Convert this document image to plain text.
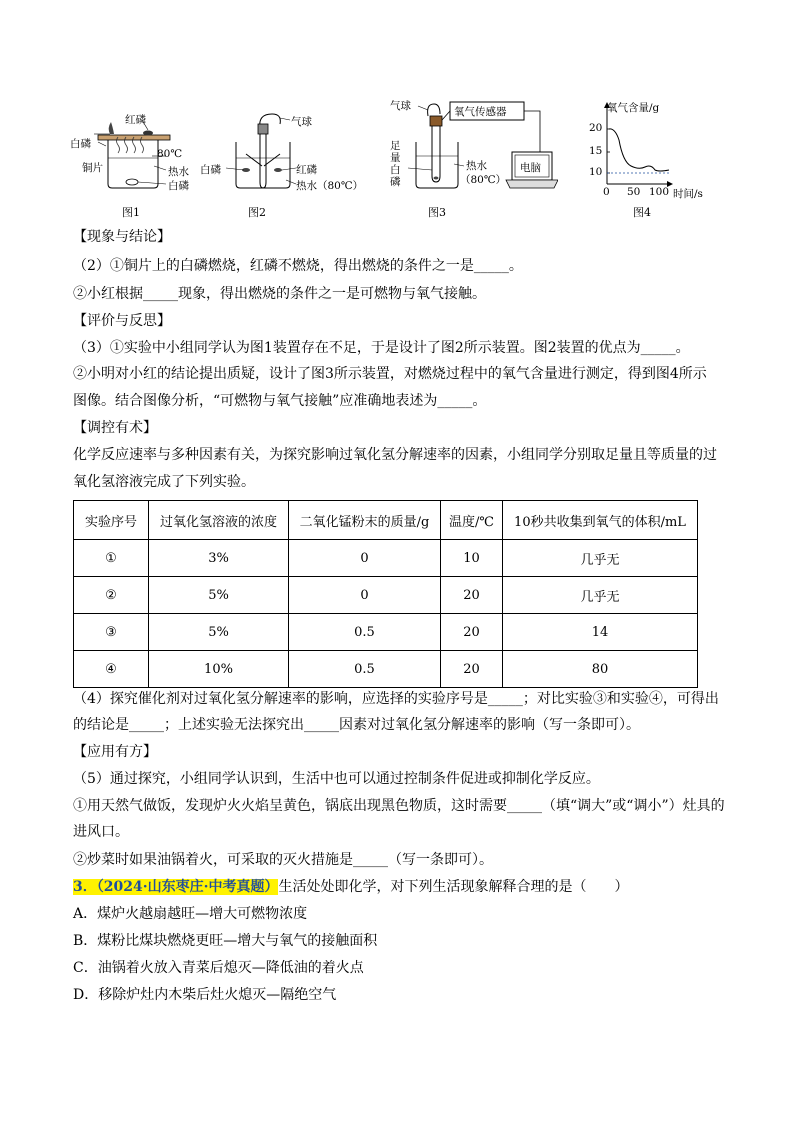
红磷
白磷
铜片
80℃
热水
白磷
图1
气球
白磷	红磷
热水（80℃）
图2
气球	氧气传感器
足
量
白
磷
热水
（80℃）
电脑
图3
氧气含量/g
20
15
10
0 50 100 时间/s
图4
【现象与结论】
（2）①铜片上的白磷燃烧，红磷不燃烧，得出燃烧的条件之一是_____。
②小红根据_____现象，得出燃烧的条件之一是可燃物与氧气接触。
【评价与反思】
（3）①实验中小组同学认为图1装置存在不足，于是设计了图2所示装置。图2装置的优点为_____。
②小明对小红的结论提出质疑，设计了图3所示装置，对燃烧过程中的氧气含量进行测定，得到图4所示
图像。结合图像分析，“可燃物与氧气接触”应准确地表述为_____。
【调控有术】
化学反应速率与多种因素有关，为探究影响过氧化氢分解速率的因素，小组同学分别取足量且等质量的过
氧化氢溶液完成了下列实验。
实验序号	过氧化氢溶液的浓度	二氧化锰粉末的质量/g	温度/℃	10秒共收集到氧气的体积/mL
①	3%	0	10	几乎无
②	5%	0	20	几乎无
③	5%	0.5	20	14
④	10%	0.5	20	80
（4）探究催化剂对过氧化氢分解速率的影响，应选择的实验序号是_____；对比实验③和实验④，可得出
的结论是_____；上述实验无法探究出_____因素对过氧化氢分解速率的影响（写一条即可）。
【应用有方】
（5）通过探究，小组同学认识到，生活中也可以通过控制条件促进或抑制化学反应。
①用天然气做饭，发现炉火火焰呈黄色，锅底出现黑色物质，这时需要_____（填“调大”或“调小”）灶具的
进风口。
②炒菜时如果油锅着火，可采取的灭火措施是_____（写一条即可）。
3．（2024·山东枣庄·中考真题）生活处处即化学，对下列生活现象解释合理的是（　　）
A．煤炉火越扇越旺—增大可燃物浓度
B．煤粉比煤块燃烧更旺—增大与氧气的接触面积
C．油锅着火放入青菜后熄灭—降低油的着火点
D．移除炉灶内木柴后灶火熄灭—隔绝空气
